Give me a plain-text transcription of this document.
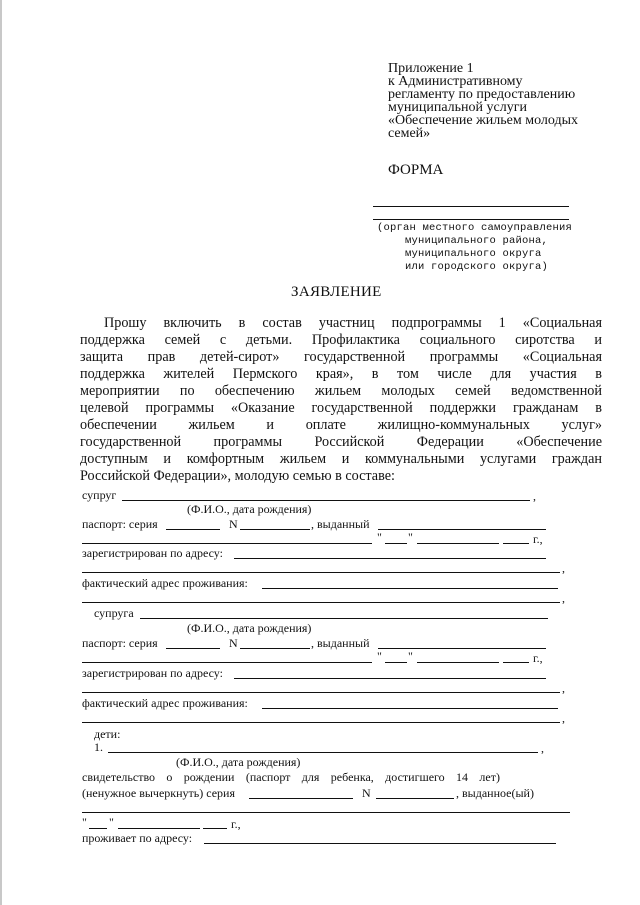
Приложение 1
к Административному
регламенту по предоставлению
муниципальной услуги
«Обеспечение жильем молодых
семей»
ФОРМА
(орган местного самоуправления
муниципального района,
муниципального округа
или городского округа)
ЗАЯВЛЕНИЕ
Прошу включить в состав участниц подпрограммы 1 «Социальная
поддержка семей с детьми. Профилактика социального сиротства и
защита прав детей-сирот» государственной программы «Социальная
поддержка жителей Пермского края», в том числе для участия в
мероприятии по обеспечению жильем молодых семей ведомственной
целевой программы «Оказание государственной поддержки гражданам в
обеспечении жильем и оплате жилищно-коммунальных услуг»
государственной программы Российской Федерации «Обеспечение
доступным и комфортным жильем и коммунальными услугами граждан
Российской Федерации», молодую семью в составе:
супруг	,
(Ф.И.О., дата рождения)
паспорт: серия	N	, выданный
" "	г.,
зарегистрирован по адресу:
,
фактический адрес проживания:
,
супруга
(Ф.И.О., дата рождения)
паспорт: серия	N	, выданный
" "	г.,
зарегистрирован по адресу:
,
фактический адрес проживания:
,
дети:
1.	,
(Ф.И.О., дата рождения)
свидетельство о рождении (паспорт для ребенка, достигшего 14 лет)
(ненужное вычеркнуть) серия	N	, выданное(ый)
" "	г.,
проживает по адресу:
